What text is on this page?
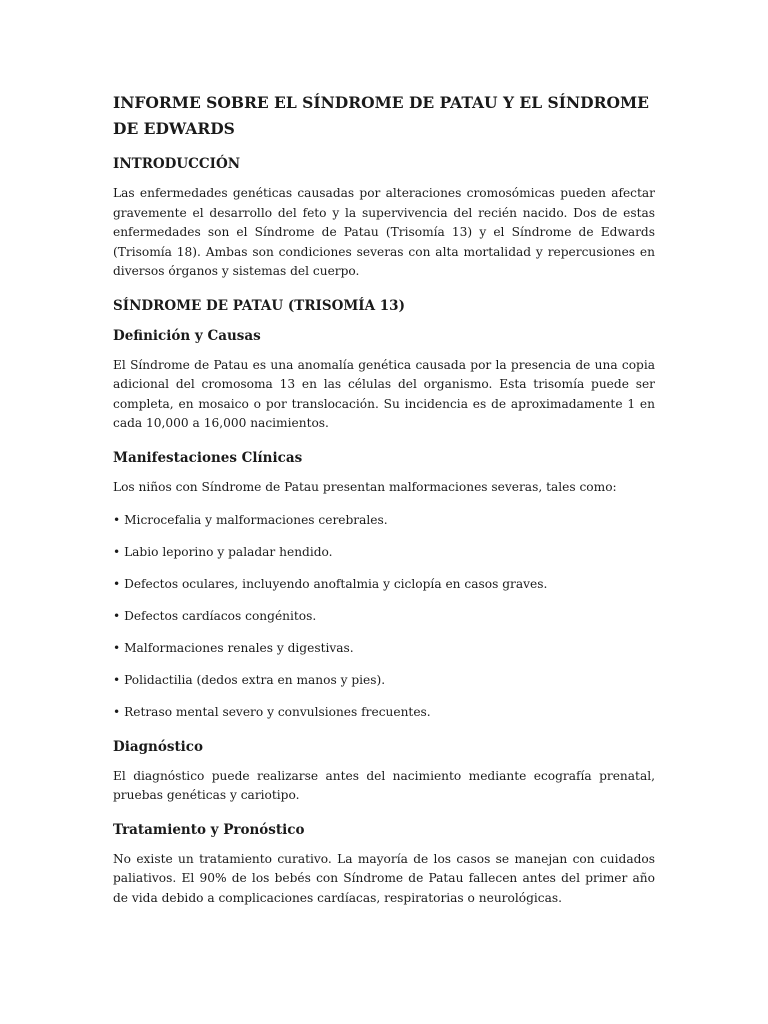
INFORME SOBRE EL SÍNDROME DE PATAU Y EL SÍNDROME DE EDWARDS
INTRODUCCIÓN

Las enfermedades genéticas causadas por alteraciones cromosómicas pueden afectar gravemente el desarrollo del feto y la supervivencia del recién nacido. Dos de estas enfermedades son el Síndrome de Patau (Trisomía 13) y el Síndrome de Edwards (Trisomía 18). Ambas son condiciones severas con alta mortalidad y repercusiones en diversos órganos y sistemas del cuerpo.

SÍNDROME DE PATAU (TRISOMÍA 13)
Definición y Causas

El Síndrome de Patau es una anomalía genética causada por la presencia de una copia adicional del cromosoma 13 en las células del organismo. Esta trisomía puede ser completa, en mosaico o por translocación. Su incidencia es de aproximadamente 1 en cada 10,000 a 16,000 nacimientos.

Manifestaciones Clínicas

Los niños con Síndrome de Patau presentan malformaciones severas, tales como:

• Microcefalia y malformaciones cerebrales.

• Labio leporino y paladar hendido.

• Defectos oculares, incluyendo anoftalmia y ciclopía en casos graves.

• Defectos cardíacos congénitos.

• Malformaciones renales y digestivas.

• Polidactilia (dedos extra en manos y pies).

• Retraso mental severo y convulsiones frecuentes.

Diagnóstico

El diagnóstico puede realizarse antes del nacimiento mediante ecografía prenatal, pruebas genéticas y cariotipo.

Tratamiento y Pronóstico

No existe un tratamiento curativo. La mayoría de los casos se manejan con cuidados paliativos. El 90% de los bebés con Síndrome de Patau fallecen antes del primer año de vida debido a complicaciones cardíacas, respiratorias o neurológicas.
